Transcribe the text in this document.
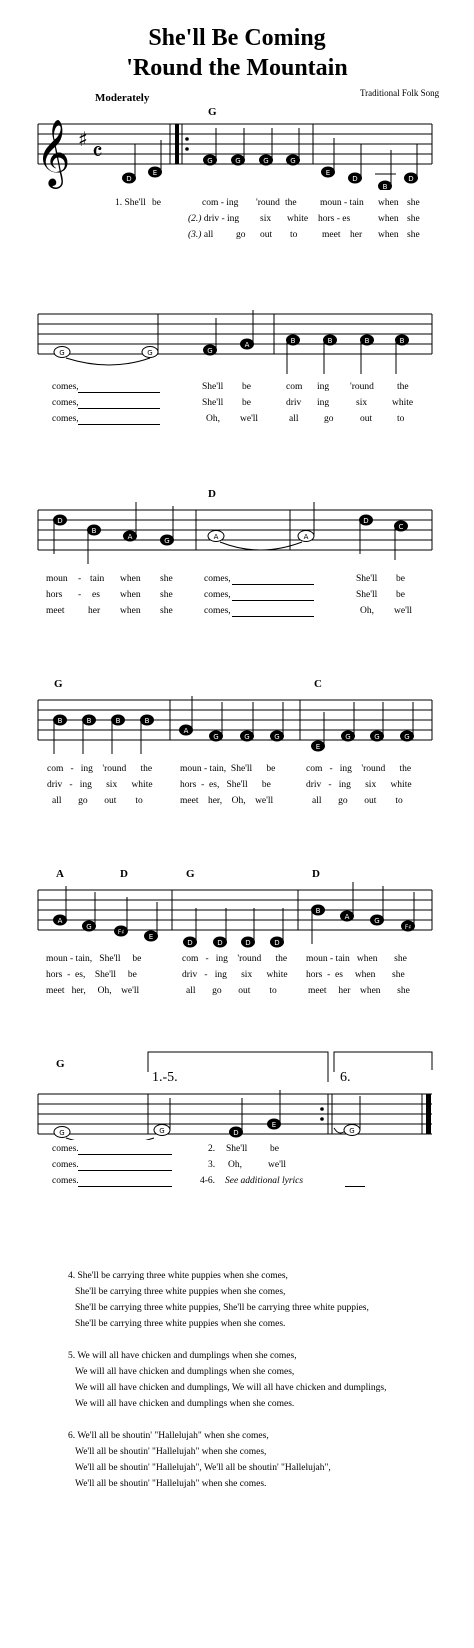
She'll Be Coming
'Round the Mountain
Traditional Folk Song
Moderately
G
D
G	C
A	D	G	D
G
𝄞 ♯ 𝄴
D
E
G	G	G	G
E
D
B
D
1. She'll be	com - ing 'round the moun - tain when she
(2.) driv - ing six white hors - es	when she
(3.) all go out to	meet her when she
G	G	G
A	B	B	B	B
comes,	She'll be	com ing 'round the
comes,	She'll be	driv ing	six	white
comes,	Oh, we'll	all	go	out	to
D
B
A	G	A	A
D
C
moun - tain when she	comes,	She'll be
hors - es when she	comes,	She'll be
meet her when she	comes,	Oh, we'll
B	B	B	B
A
G	G	G
E
G	G	G
com   -   ing    'round      the	moun - tain,  She'll      be	com   -   ing    'round      the
driv   -   ing      six      white	hors  -  es,   She'll      be	driv   -   ing      six      white
all       go       out        to	meet    her,    Oh,    we'll	all       go       out        to
A
G
F♯
E
D	D	D	D
B
A	G
F♯
moun - tain,   She'll     be	com   -   ing    'round      the moun - tain   when       she
hors  -  es,    She'll     be	driv   -   ing      six      white hors  -  es     when       she
meet   her,     Oh,    we'll	all       go       out        to	meet     her    when       she
G	G	D
E
G
1.-5.	6.
comes.	2. She'll be
comes.	3. Oh,	we'll
comes.	4-6. See additional lyrics
4. She'll be carrying three white puppies when she comes,
She'll be carrying three white puppies when she comes,
She'll be carrying three white puppies, She'll be carrying three white puppies,
She'll be carrying three white puppies when she comes.
5. We will all have chicken and dumplings when she comes,
We will all have chicken and dumplings when she comes,
We will all have chicken and dumplings, We will all have chicken and dumplings,
We will all have chicken and dumplings when she comes.
6. We'll all be shoutin' "Hallelujah" when she comes,
We'll all be shoutin' "Hallelujah" when she comes,
We'll all be shoutin' "Hallelujah", We'll all be shoutin' "Hallelujah",
We'll all be shoutin' "Hallelujah" when she comes.
